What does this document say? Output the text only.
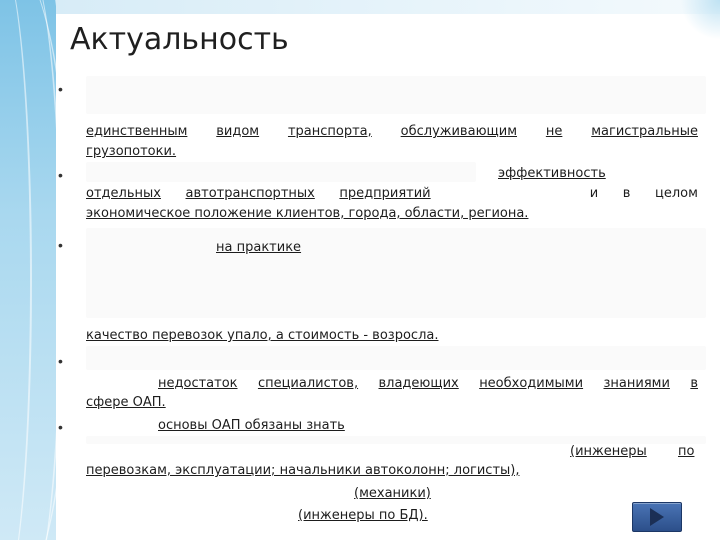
Актуальность
•
единственным видом транспорта, обслуживающим не магистральные
грузопотоки.
•	эффективность
отдельных автотранспортных предприятий	и в целом
экономическое положение клиентов, города, области, региона.
•	на практике
качество перевозок упало, а стоимость - возросла.
•
недостаток специалистов, владеющих необходимыми знаниями в
сфере ОАП.
•	основы ОАП обязаны знать
(инженеры по
перевозкам, эксплуатации; начальники автоколонн; логисты),
(механики)
(инженеры по БД).
